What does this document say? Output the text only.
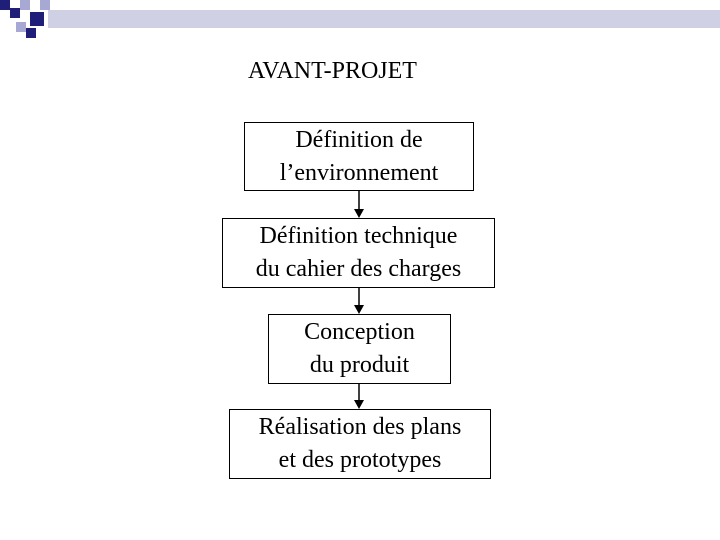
AVANT-PROJET
Définition de
l’environnement
Définition technique
du cahier des charges
Conception
du produit
Réalisation des plans
et des prototypes
